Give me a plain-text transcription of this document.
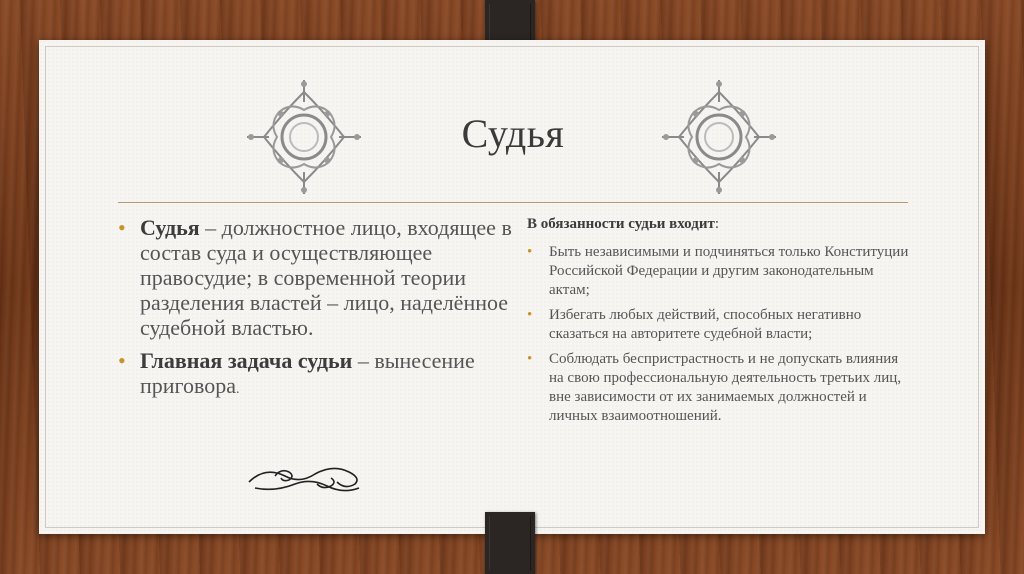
Судья
• Судья – должностное лицо, входящее в состав суда и осуществляющее правосудие; в современной теории разделения властей – лицо, наделённое судебной властью.
• Главная задача судьи – вынесение приговора.
В обязанности судьи входит:
• Быть независимыми и подчиняться только Конституции Российской Федерации и другим законодательным актам;
• Избегать любых действий, способных негативно сказаться на авторитете судебной власти;
• Соблюдать беспристрастность и не допускать влияния на свою профессиональную деятельность третьих лиц, вне зависимости от их занимаемых должностей и личных взаимоотношений.
